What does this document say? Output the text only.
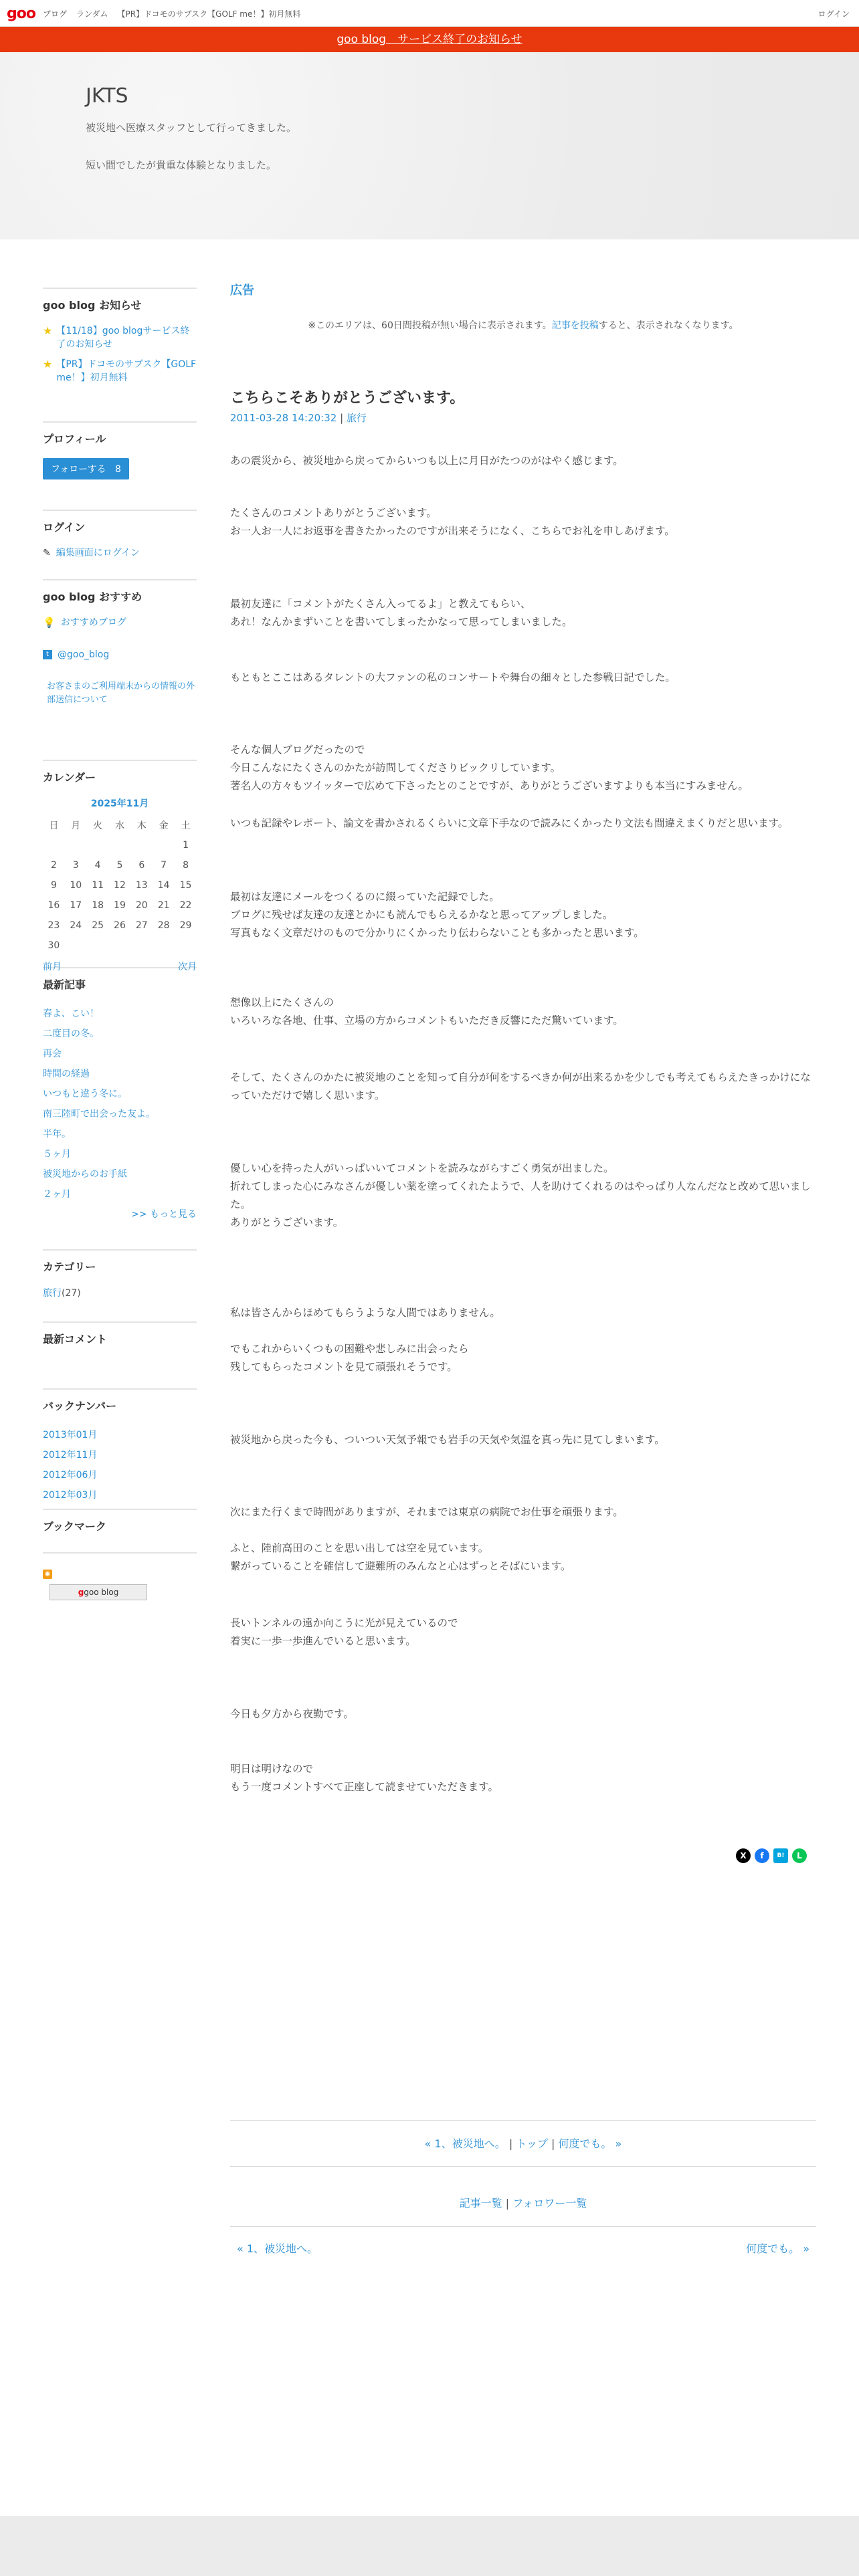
goo ブログ ランダム 【PR】ドコモのサブスク【GOLF me！】初月無料	ログイン
goo blog　サービス終了のお知らせ
JKTS
被災地へ医療スタッフとして行ってきました。
短い間でしたが貴重な体験となりました。
goo blog お知らせ
★ 【11/18】goo blogサービス終了のお知らせ
★ 【PR】ドコモのサブスク【GOLF me！】初月無料
プロフィール
フォローする 8
ログイン
✎ 編集画面にログイン
goo blog おすすめ
💡 おすすめブログ
t @goo_blog
お客さまのご利用端末からの情報の外部送信について
カレンダー
2025年11月
日	月	火	水	木	金	土
						1
2	3	4	5	6	7	8
9	10	11	12	13	14	15
16	17	18	19	20	21	22
23	24	25	26	27	28	29
30						
前月	次月
最新記事
春よ、こい！
二度目の冬。
再会
時間の経過
いつもと違う冬に。
南三陸町で出会った友よ。
半年。
５ヶ月
被災地からのお手紙
２ヶ月
>> もっと見る
カテゴリー
旅行(27)
最新コメント
バックナンバー
2013年01月
2012年11月
2012年06月
2012年03月
ブックマーク
◉
ggoo blog
広告
※このエリアは、60日間投稿が無い場合に表示されます。記事を投稿すると、表示されなくなります。
こちらこそありがとうございます。
2011-03-28 14:20:32 | 旅行
あの震災から、被災地から戻ってからいつも以上に月日がたつのがはやく感じます。
たくさんのコメントありがとうございます。
お一人お一人にお返事を書きたかったのですが出来そうになく、こちらでお礼を申しあげます。
最初友達に「コメントがたくさん入ってるよ」と教えてもらい、
あれ！なんかまずいことを書いてしまったかなって思ってしまいました。
もともとここはあるタレントの大ファンの私のコンサートや舞台の細々とした参戦日記でした。
そんな個人ブログだったので
今日こんなにたくさんのかたが訪問してくださりビックリしています。
著名人の方々もツイッターで広めて下さったとのことですが、ありがとうございますよりも本当にすみません。
いつも記録やレポート、論文を書かされるくらいに文章下手なので読みにくかったり文法も間違えまくりだと思います。
最初は友達にメールをつくるのに綴っていた記録でした。
ブログに残せば友達の友達とかにも読んでもらえるかなと思ってアップしました。
写真もなく文章だけのもので分かりにくかったり伝わらないことも多かったと思います。
想像以上にたくさんの
いろいろな各地、仕事、立場の方からコメントもいただき反響にただ驚いています。
そして、たくさんのかたに被災地のことを知って自分が何をするべきか何が出来るかを少しでも考えてもらえたきっかけになっていただけで嬉しく思います。
優しい心を持った人がいっぱいいてコメントを読みながらすごく勇気が出ました。
折れてしまった心にみなさんが優しい薬を塗ってくれたようで、人を助けてくれるのはやっぱり人なんだなと改めて思いました。
ありがとうございます。
私は皆さんからほめてもらうような人間ではありません。
でもこれからいくつもの困難や悲しみに出会ったら
残してもらったコメントを見て頑張れそうです。
被災地から戻った今も、ついつい天気予報でも岩手の天気や気温を真っ先に見てしまいます。
次にまた行くまで時間がありますが、それまでは東京の病院でお仕事を頑張ります。
ふと、陸前高田のことを思い出しては空を見ています。
繋がっていることを確信して避難所のみんなと心はずっとそばにいます。
長いトンネルの遠か向こうに光が見えているので
着実に一歩一歩進んでいると思います。
今日も夕方から夜勤です。
明日は明けなので
もう一度コメントすべて正座して読ませていただきます。
X	f	B!	L
« 1、被災地へ。 | トップ | 何度でも。 »
記事一覧 | フォロワー一覧
« 1、被災地へ。	何度でも。 »
